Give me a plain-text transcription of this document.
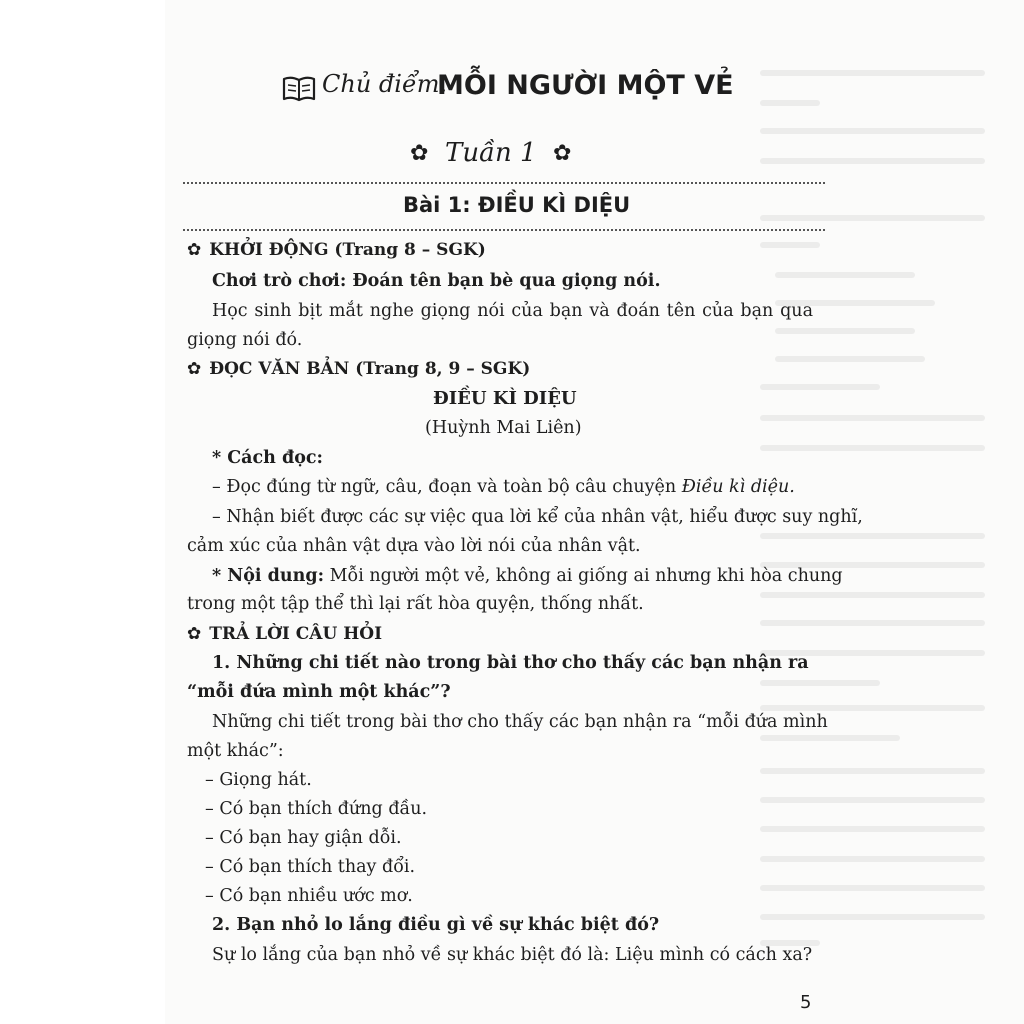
Chủ điểm.
MỖI NGƯỜI MỘT VẺ
✿ Tuần 1 ✿
Bài 1: ĐIỀU KÌ DIỆU
✿ KHỞI ĐỘNG (Trang 8 – SGK)
Chơi trò chơi: Đoán tên bạn bè qua giọng nói.
Học sinh bịt mắt nghe giọng nói của bạn và đoán tên của bạn qua
giọng nói đó.
✿ ĐỌC VĂN BẢN (Trang 8, 9 – SGK)
ĐIỀU KÌ DIỆU
(Huỳnh Mai Liên)
* Cách đọc:
– Đọc đúng từ ngữ, câu, đoạn và toàn bộ câu chuyện Điều kì diệu.
– Nhận biết được các sự việc qua lời kể của nhân vật, hiểu được suy nghĩ,
cảm xúc của nhân vật dựa vào lời nói của nhân vật.
* Nội dung: Mỗi người một vẻ, không ai giống ai nhưng khi hòa chung
trong một tập thể thì lại rất hòa quyện, thống nhất.
✿ TRẢ LỜI CÂU HỎI
1. Những chi tiết nào trong bài thơ cho thấy các bạn nhận ra
“mỗi đứa mình một khác”?
Những chi tiết trong bài thơ cho thấy các bạn nhận ra “mỗi đứa mình
một khác”:
– Giọng hát.
– Có bạn thích đứng đầu.
– Có bạn hay giận dỗi.
– Có bạn thích thay đổi.
– Có bạn nhiều ước mơ.
2. Bạn nhỏ lo lắng điều gì về sự khác biệt đó?
Sự lo lắng của bạn nhỏ về sự khác biệt đó là: Liệu mình có cách xa?
5
